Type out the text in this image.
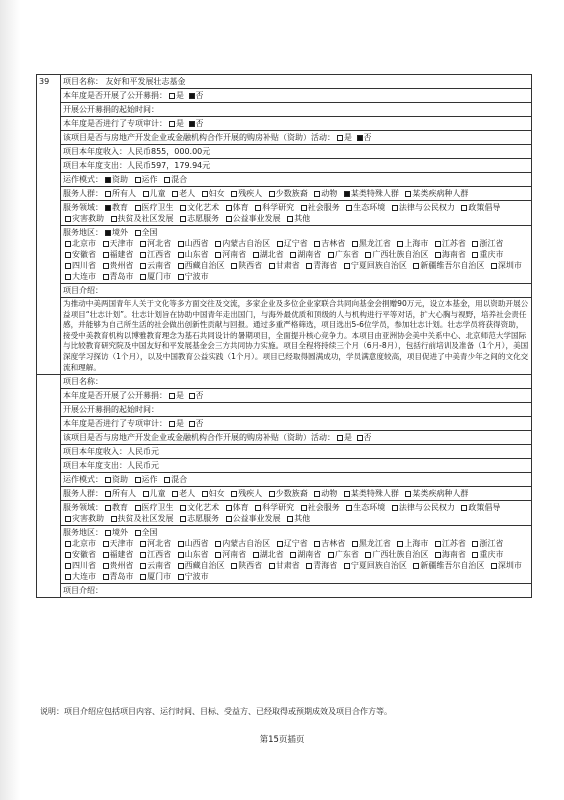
39	项目名称： 友好和平发展壮志基金
	本年度是否开展了公开募捐： 是 否
	开展公开募捐的起始时间：
	本年度是否进行了专项审计： 是 否
	该项目是否与房地产开发企业或金融机构合作开展的购房补贴（资助）活动： 是 否
	项目本年度收入：人民币855，000.00元
	项目本年度支出：人民币597，179.94元
	运作模式： 资助 运作 混合
	服务人群： 所有人 儿童 老人 妇女 残疾人 少数族裔 动物 某类特殊人群 某类疾病种人群
	服务领域： 教育 医疗卫生 文化艺术 体育 科学研究 社会服务 生态环境 法律与公民权力 政策倡导 灾害救助 扶贫及社区发展 志愿服务 公益事业发展 其他
	服务地区： 境外 全国
北京市 天津市 河北省 山西省 内蒙古自治区 辽宁省 吉林省 黑龙江省 上海市 江苏省 浙江省 安徽省 福建省 江西省 山东省 河南省 湖北省 湖南省 广东省 广西壮族自治区 海南省 重庆市 四川省 贵州省 云南省 西藏自治区 陕西省 甘肃省 青海省 宁夏回族自治区 新疆维吾尔自治区 深圳市 大连市 青岛市 厦门市 宁波市
	项目介绍：
	为推动中美两国青年人关于文化等多方面交往及交流，多家企业及多位企业家联合共同向基金会捐赠90万元，设立本基金，用以资助开展公益项目“壮志计划”。壮志计划旨在协助中国青年走出国门，与海外最优质和顶级的人与机构进行平等对话，扩大心胸与视野，培养社会责任感，并能够为自己所生活的社会做出创新性贡献与回报。通过多重严格筛选，项目选出5-6位学员，参加壮志计划。壮志学员将获得资助，接受中美教育机构以博雅教育理念为基石共同设计的暑期项目，全面提升核心竞争力。本项目由亚洲协会美中关系中心、北京师范大学国际与比较教育研究院及中国友好和平发展基金会三方共同协力实施。项目全程将持续三个月（6月-8月），包括行前培训及准备（1个月），美国深度学习探访（1个月），以及中国教育公益实践（1个月）。项目已经取得圆满成功，学员满意度较高，项目促进了中美青少年之间的文化交流和理解。
	项目名称：
	本年度是否开展了公开募捐： 是 否
	开展公开募捐的起始时间：
	本年度是否进行了专项审计： 是 否
	该项目是否与房地产开发企业或金融机构合作开展的购房补贴（资助）活动： 是 否
	项目本年度收入：人民币元
	项目本年度支出：人民币元
	运作模式： 资助 运作 混合
	服务人群： 所有人 儿童 老人 妇女 残疾人 少数族裔 动物 某类特殊人群 某类疾病种人群
	服务领域： 教育 医疗卫生 文化艺术 体育 科学研究 社会服务 生态环境 法律与公民权力 政策倡导 灾害救助 扶贫及社区发展 志愿服务 公益事业发展 其他
	服务地区： 境外 全国
北京市 天津市 河北省 山西省 内蒙古自治区 辽宁省 吉林省 黑龙江省 上海市 江苏省 浙江省 安徽省 福建省 江西省 山东省 河南省 湖北省 湖南省 广东省 广西壮族自治区 海南省 重庆市 四川省 贵州省 云南省 西藏自治区 陕西省 甘肃省 青海省 宁夏回族自治区 新疆维吾尔自治区 深圳市 大连市 青岛市 厦门市 宁波市
	项目介绍：
说明：项目介绍应包括项目内容、运行时间、目标、受益方、已经取得或预期成效及项目合作方等。
第15页插页
